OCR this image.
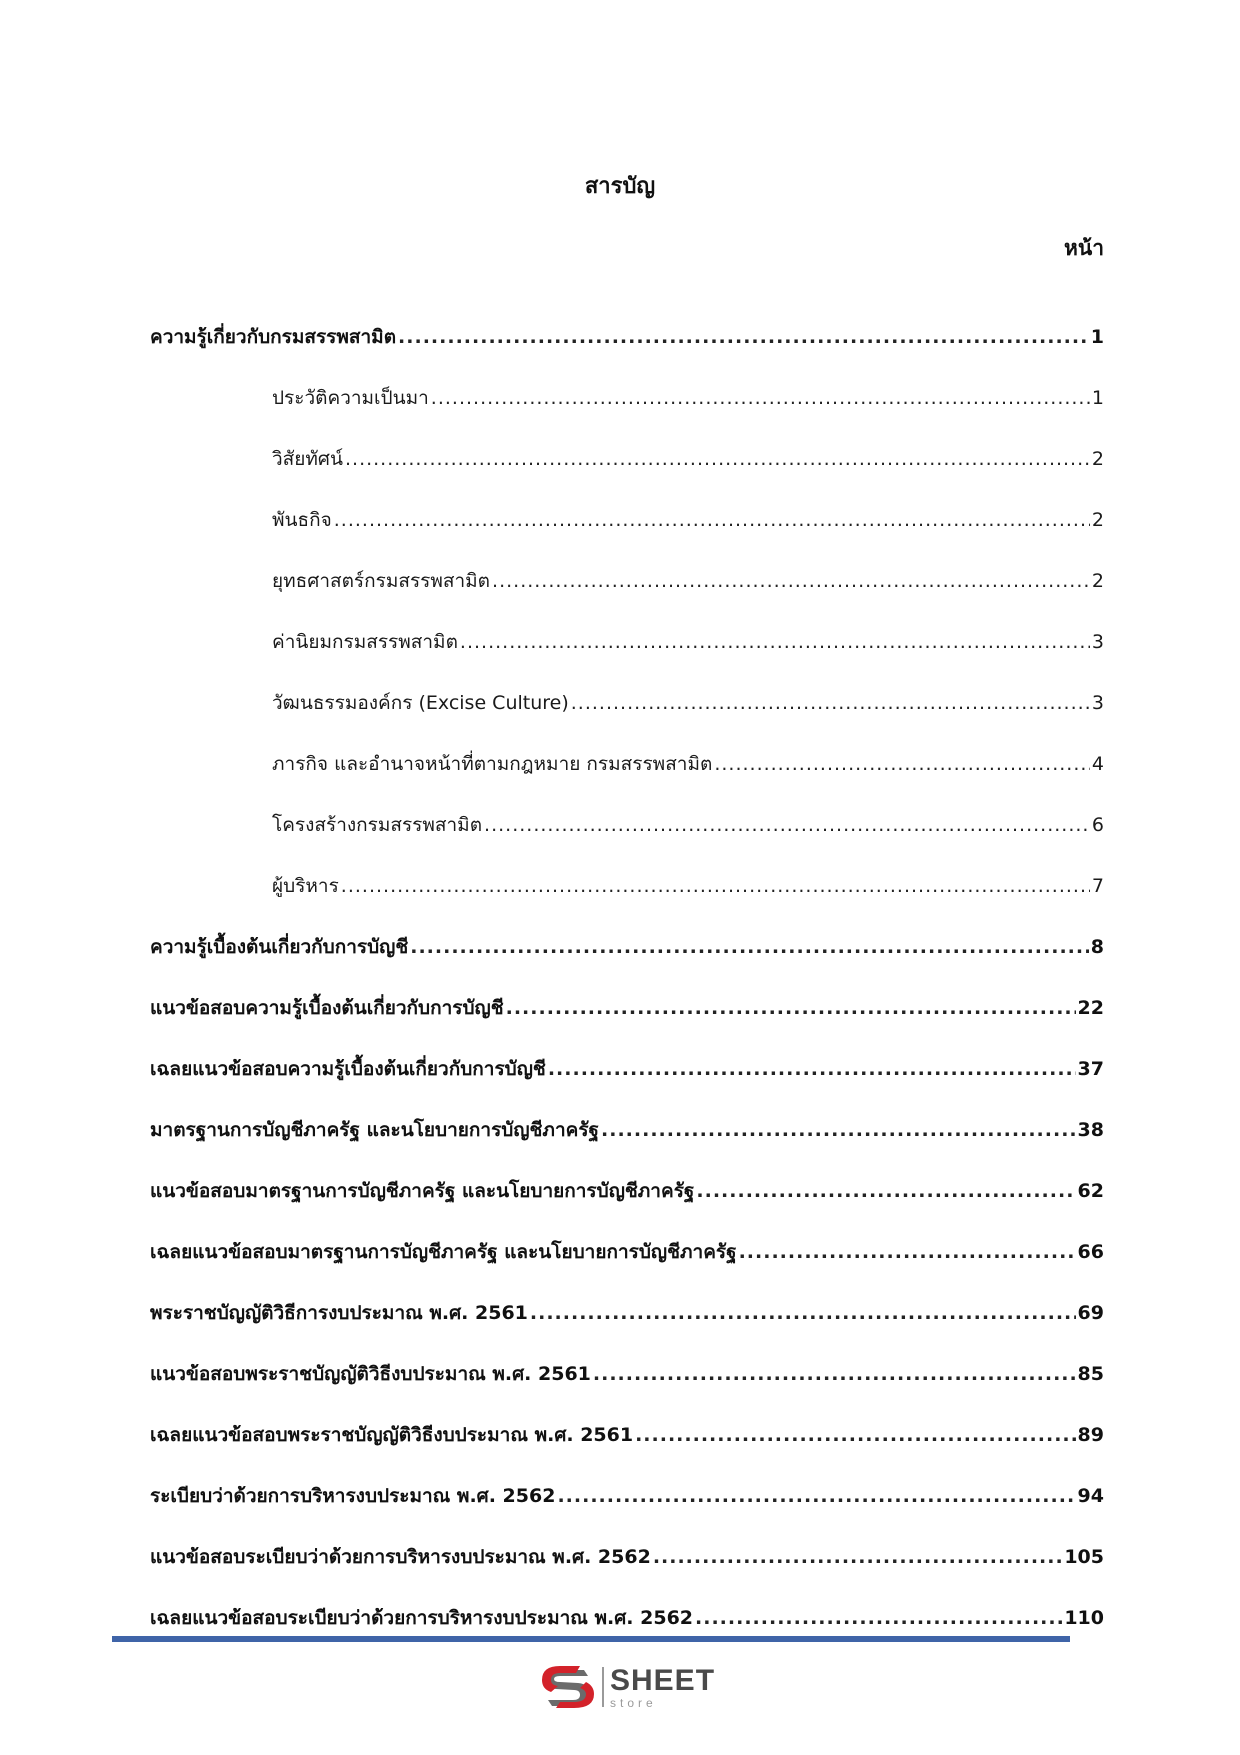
สารบัญ
หน้า
ความรู้เกี่ยวกับกรมสรรพสามิต .....	1
ประวัติความเป็นมา .....	1
วิสัยทัศน์ .....	2
พันธกิจ .....	2
ยุทธศาสตร์กรมสรรพสามิต .....	2
ค่านิยมกรมสรรพสามิต .....	3
วัฒนธรรมองค์กร (Excise Culture) .....	3
ภารกิจ และอำนาจหน้าที่ตามกฎหมาย กรมสรรพสามิต .....	4
โครงสร้างกรมสรรพสามิต .....	6
ผู้บริหาร .....	7
ความรู้เบื้องต้นเกี่ยวกับการบัญชี .....	8
แนวข้อสอบความรู้เบื้องต้นเกี่ยวกับการบัญชี .....	22
เฉลยแนวข้อสอบความรู้เบื้องต้นเกี่ยวกับการบัญชี .....	37
มาตรฐานการบัญชีภาครัฐ และนโยบายการบัญชีภาครัฐ .....	38
แนวข้อสอบมาตรฐานการบัญชีภาครัฐ และนโยบายการบัญชีภาครัฐ .....	62
เฉลยแนวข้อสอบมาตรฐานการบัญชีภาครัฐ และนโยบายการบัญชีภาครัฐ .....	66
พระราชบัญญัติวิธีการงบประมาณ พ.ศ. 2561 .....	69
แนวข้อสอบพระราชบัญญัติวิธีงบประมาณ พ.ศ. 2561 .....	85
เฉลยแนวข้อสอบพระราชบัญญัติวิธีงบประมาณ พ.ศ. 2561 .....	89
ระเบียบว่าด้วยการบริหารงบประมาณ พ.ศ. 2562 .....	94
แนวข้อสอบระเบียบว่าด้วยการบริหารงบประมาณ พ.ศ. 2562 .....	105
เฉลยแนวข้อสอบระเบียบว่าด้วยการบริหารงบประมาณ พ.ศ. 2562 .....	110
SHEET
store
